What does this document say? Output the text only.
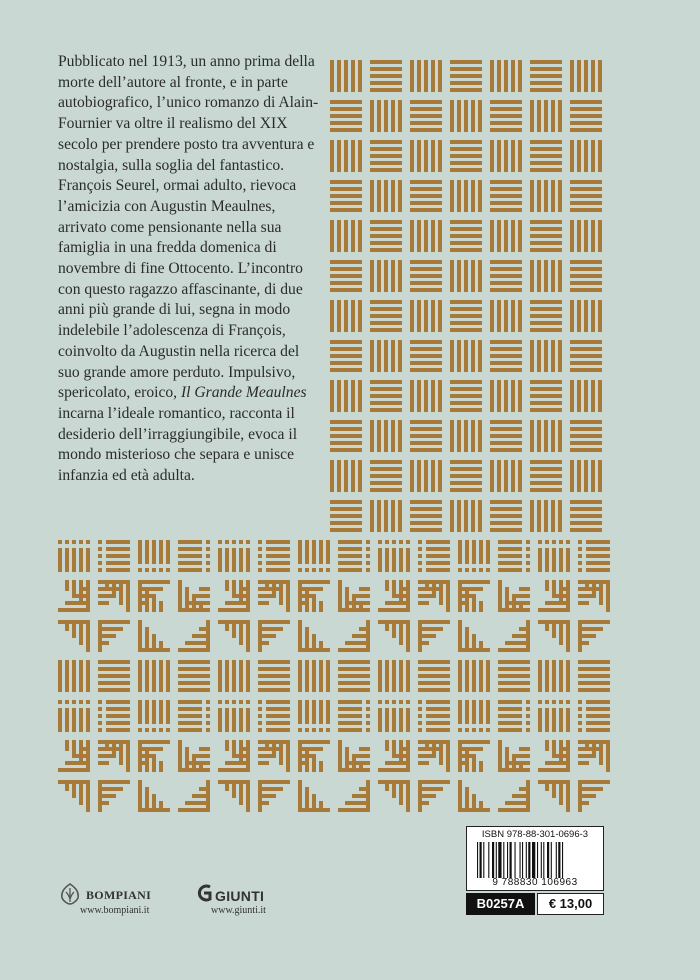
Pubblicato nel 1913, un anno prima della morte dell’autore al fronte, e in parte autobiografico, l’unico romanzo di Alain-Fournier va oltre il realismo del XIX secolo per prendere posto tra avventura e nostalgia, sulla soglia del fantastico. François Seurel, ormai adulto, rievoca l’amicizia con Augustin Meaulnes, arrivato come pensionante nella sua famiglia in una fredda domenica di novembre di fine Ottocento. L’incontro con questo ragazzo affascinante, di due anni più grande di lui, segna in modo indelebile l’adolescenza di François, coinvolto da Augustin nella ricerca del suo grande amore perduto. Impulsivo, spericolato, eroico, Il Grande Meaulnes incarna l’ideale romantico, racconta il desiderio dell’irraggiungibile, evoca il mondo misterioso che separa e unisce infanzia ed età adulta.

ISBN 978-88-301-0696-3
9 788830 106963
B0257A	€ 13,00
BOMPIANI
www.bompiani.it
GIUNTI
www.giunti.it
